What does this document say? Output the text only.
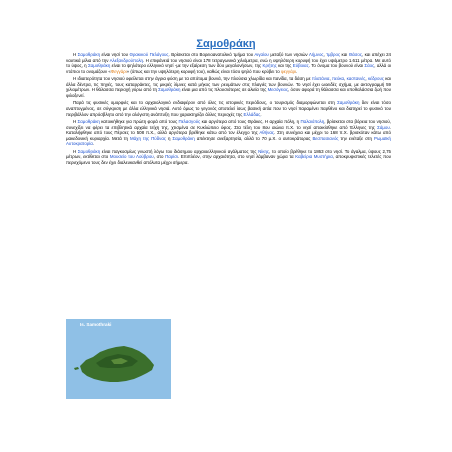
Σαμοθράκη

Η Σαμοθράκη είναι νησί του Θρακικού Πελάγους. Βρίσκεται στο Βορειοανατολικό τμήμα του Αιγαίου μεταξύ των νησιών Λήμνος, Ίμβρος και Θάσος, και απέχει 24 ναυτικά μίλια από την Αλεξανδρούπολη. Η επιφάνειά του νησιού είναι 178 τετραγωνικά χιλιόμετρα, ενώ η υψηλότερη κορυφή του έχει υψόμετρο 1.611 μέτρα. Με αυτό το ύψος, η Σαμοθράκη είναι το ψηλότερο ελληνικό νησί -με την εξαίρεση των δύο μεγαλονήσων, της Κρήτης και της Εύβοιας. Το όνομα του βουνού είναι Σάος, αλλά οι ντόπιοι το ονομάζουν «Φεγγάρι» (όπως και την υψηλότερη κορυφή του), καθώς είναι τόσο ψηλό που κρύβει το φεγγάρι.

Η ιδιαιτερότητα του νησιού οφείλεται στην άγρια φύση με τα απότομα βουνά, την πλούσια χλωρίδα και πανίδα, τα δάση με πλατάνια, πεύκα, καστανιές, κέδρους και άλλα δέντρα, τις πηγές, τους καταρράκτες, τις μικρές λίμνες κατά μήκος των ρευμάτων στις πλαγιές των βουνών. Το νησί έχει ωοειδές σχήμα, με ακτογραμμή 59 χιλιομέτρων. Η θάλασσα περιοχή γύρω από τη Σαμοθράκη είναι μια από τις πλουσιότερες σε αλιεία της Μεσόγειος, όσον αφορά τη θάλασσα και υποθαλάσσια ζωή που φιλοξενεί.

Παρά τις φυσικές ομορφιές και το αρχαιολογικό ενδιαφέρον από όλες τις ιστορικές περιόδους, ο τουρισμός διαμορφώνεται στη Σαμοθράκη δεν είναι τόσο αναπτυγμένος, σε σύγκριση με άλλα ελληνικά νησιά. Αυτό όμως το γεγονός αποτελεί ίσως βασική αιτία που το νησί παραμένει παρθένο και διατηρεί το φυσικό του περιβάλλον απρόσβλητο από την αλόγιστη ανάπτυξη που χαρακτηρίζει άλλες περιοχές της Ελλάδας.

Η Σαμοθράκη κατοικήθηκε για πρώτη φορά από τους Πελασγούς και αργότερα από τους Θράκες. Η αρχαία πόλη, η Παλαιόπολη, βρίσκεται στα βόρεια του νησιού, συνεχίζει να φέρει τα επιβλητικά αρχαία τείχη της, χτισμένα σε Κυκλώπειο ύφος. Στα τέλη του 8ου αιώνα π.Χ. το νησί αποικίσθηκε από Έλληνες της Σάμου. Καταλήφθηκε από τους Πέρσες το 508 π.Χ., αλλά αργότερα βρέθηκε κάτω από τον έλεγχο της Αθήνας. Στη συνέχεια και μέχρι το 168 π.Χ. βρισκόταν κάτω από μακεδονική κυριαρχία. Μετά τη Μάχη της Πύδνας η Σαμοθράκη απέκτησε ανεξαρτησία, αλλά το 70 μ.Χ. ο αυτοκράτορας Βεσπασιανός την ενέταξε στη Ρωμαϊκή Αυτοκρατορία.

Η Σαμοθράκη είναι παγκοσμίως γνωστή λόγω του διάσημου αρχαιοελληνικού αγάλματος της Νίκης, το οποίο βρέθηκε το 1863 στο νησί. Το άγαλμα, ύψους 2,75 μέτρων, εκτίθεται στο Μουσείο του Λούβρου, στο Παρίσι. Επιπλέον, στην αρχαιότητα, στο νησί λάμβαναν χώρα τα Καβείρια Μυστήρια, αποκρυφιστικές τελετές που περιεχόμενο τους δεν έχει διαλευκανθεί απόλυτα μέχρι σήμερα.

Is. Samothraki
